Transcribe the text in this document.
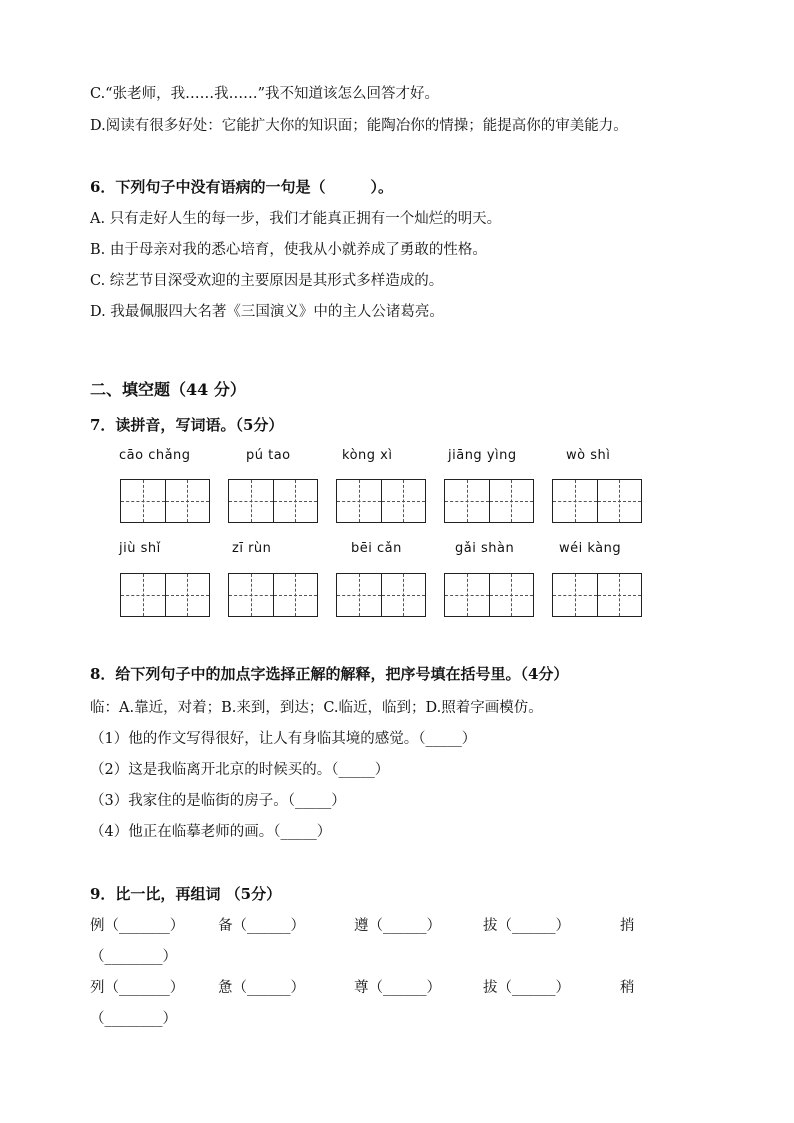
C.“张老师，我……我……”我不知道该怎么回答才好。
D.阅读有很多好处：它能扩大你的知识面；能陶冶你的情操；能提高你的审美能力。
6．下列句子中没有语病的一句是（　　　）。
A. 只有走好人生的每一步，我们才能真正拥有一个灿烂的明天。
B. 由于母亲对我的悉心培育，使我从小就养成了勇敢的性格。
C. 综艺节目深受欢迎的主要原因是其形式多样造成的。
D. 我最佩服四大名著《三国演义》中的主人公诸葛亮。
二、填空题（44 分）
7．读拼音，写词语。（5分）
cāo chǎng	pú tao	kòng xì	jiāng yìng	wò shì
jiù shǐ	zī rùn	bēi cǎn	gǎi shàn	wéi kàng
8．给下列句子中的加点字选择正解的解释，把序号填在括号里。（4分）
临：A.靠近，对着；B.来到，到达；C.临近，临到；D.照着字画模仿。
（1）他的作文写得很好，让人有身临其境的感觉。（_____）
（2）这是我临离开北京的时候买的。（_____）
（3）我家住的是临街的房子。（_____）
（4）他正在临摹老师的画。（_____）
9．比一比，再组词 （5分）
例（_______） 备（______）	遵（______）	拔（______）	捎
（________）
列（_______） 惫（______）	尊（______）	拔（______）	稍
（________）
